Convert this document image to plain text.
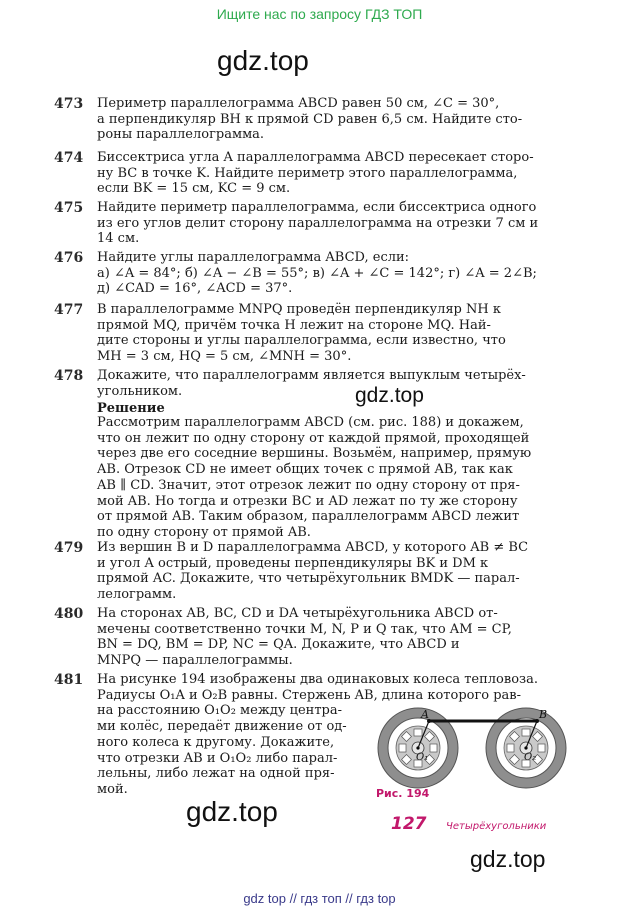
Ищите нас по запросу ГДЗ ТОП
gdz.top
gdz.top
gdz.top
gdz.top
473 Периметр параллелограмма ABCD равен 50 см, ∠C = 30°,
а перпендикуляр BH к прямой CD равен 6,5 см. Найдите сто-
роны параллелограмма.
474 Биссектриса угла A параллелограмма ABCD пересекает сторо-
ну BC в точке K. Найдите периметр этого параллелограмма,
если BK = 15 см, KC = 9 см.
475 Найдите периметр параллелограмма, если биссектриса одного
из его углов делит сторону параллелограмма на отрезки 7 см и
14 см.
476 Найдите углы параллелограмма ABCD, если:
а) ∠A = 84°; б) ∠A − ∠B = 55°; в) ∠A + ∠C = 142°; г) ∠A = 2∠B;
д) ∠CAD = 16°, ∠ACD = 37°.
477 В параллелограмме MNPQ проведён перпендикуляр NH к
прямой MQ, причём точка H лежит на стороне MQ. Най-
дите стороны и углы параллелограмма, если известно, что
MH = 3 см, HQ = 5 см, ∠MNH = 30°.
478 Докажите, что параллелограмм является выпуклым четырёх-
угольником.
Решение
Рассмотрим параллелограмм ABCD (см. рис. 188) и докажем,
что он лежит по одну сторону от каждой прямой, проходящей
через две его соседние вершины. Возьмём, например, прямую
AB. Отрезок CD не имеет общих точек с прямой AB, так как
AB ∥ CD. Значит, этот отрезок лежит по одну сторону от пря-
мой AB. Но тогда и отрезки BC и AD лежат по ту же сторону
от прямой AB. Таким образом, параллелограмм ABCD лежит
по одну сторону от прямой AB.
479 Из вершин B и D параллелограмма ABCD, у которого AB ≠ BC
и угол A острый, проведены перпендикуляры BK и DM к
прямой AC. Докажите, что четырёхугольник BMDK — парал-
лелограмм.
480 На сторонах AB, BC, CD и DA четырёхугольника ABCD от-
мечены соответственно точки M, N, P и Q так, что AM = CP,
BN = DQ, BM = DP, NC = QA. Докажите, что ABCD и
MNPQ — параллелограммы.
481 На рисунке 194 изображены два одинаковых колеса тепловоза.
Радиусы O₁A и O₂B равны. Стержень AB, длина которого рав-
на расстоянию O₁O₂ между центра-
ми колёс, передаёт движение от од-
ного колеса к другому. Докажите,
что отрезки AB и O₁O₂ либо парал-
лельны, либо лежат на одной пря-
мой.
A	B
O₁	O₂
Рис. 194
127 Четырёхугольники
gdz top // гдз топ // гдз top
